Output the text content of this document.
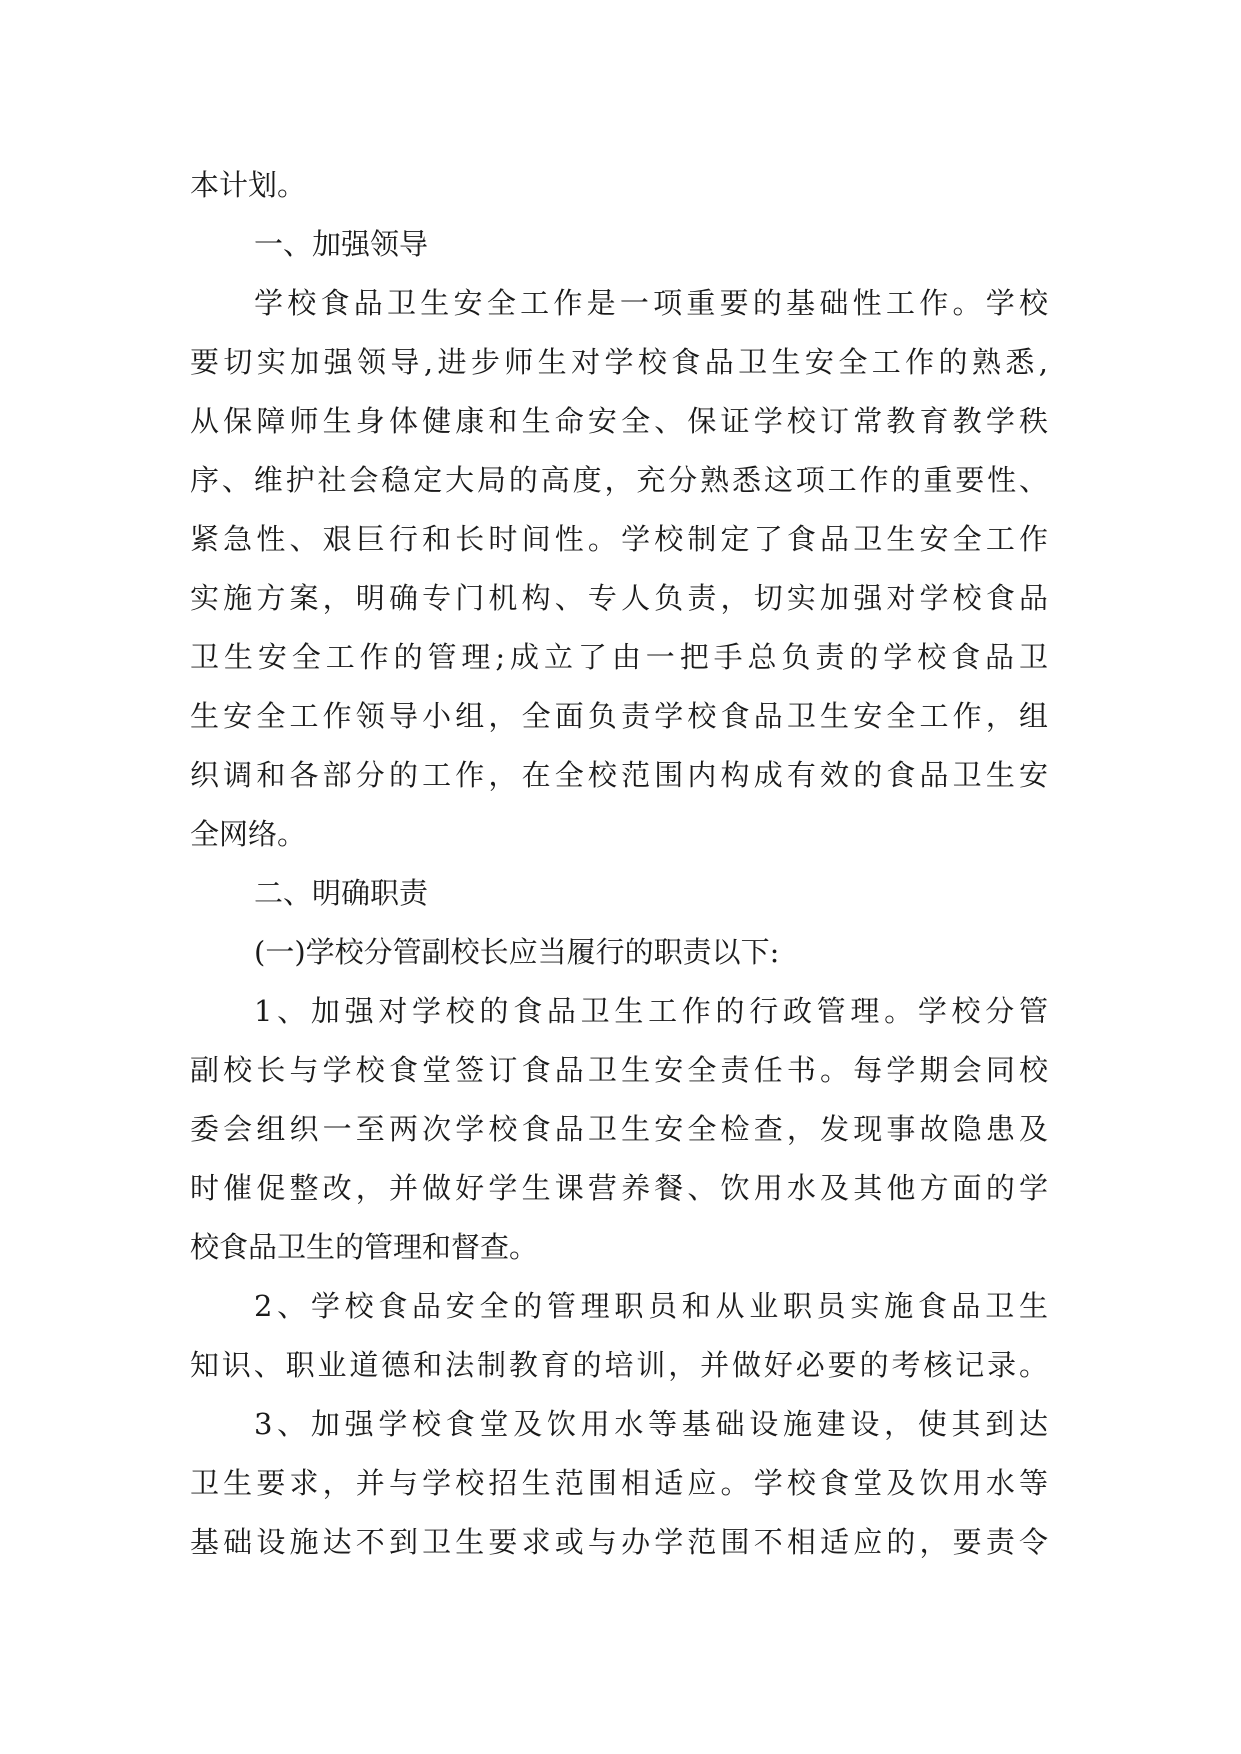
本计划。
一、加强领导
学校食品卫生安全工作是一项重要的基础性工作。学校
要切实加强领导,进步师生对学校食品卫生安全工作的熟悉,
从保障师生身体健康和生命安全、保证学校订常教育教学秩
序、维护社会稳定大局的高度，充分熟悉这项工作的重要性、
紧急性、艰巨行和长时间性。学校制定了食品卫生安全工作
实施方案，明确专门机构、专人负责，切实加强对学校食品
卫生安全工作的管理;成立了由一把手总负责的学校食品卫
生安全工作领导小组，全面负责学校食品卫生安全工作，组
织调和各部分的工作，在全校范围内构成有效的食品卫生安
全网络。
二、明确职责
(一)学校分管副校长应当履行的职责以下:
1、加强对学校的食品卫生工作的行政管理。学校分管
副校长与学校食堂签订食品卫生安全责任书。每学期会同校
委会组织一至两次学校食品卫生安全检查，发现事故隐患及
时催促整改，并做好学生课营养餐、饮用水及其他方面的学
校食品卫生的管理和督查。
2、学校食品安全的管理职员和从业职员实施食品卫生
知识、职业道德和法制教育的培训，并做好必要的考核记录。
3、加强学校食堂及饮用水等基础设施建设，使其到达
卫生要求，并与学校招生范围相适应。学校食堂及饮用水等
基础设施达不到卫生要求或与办学范围不相适应的，要责令
